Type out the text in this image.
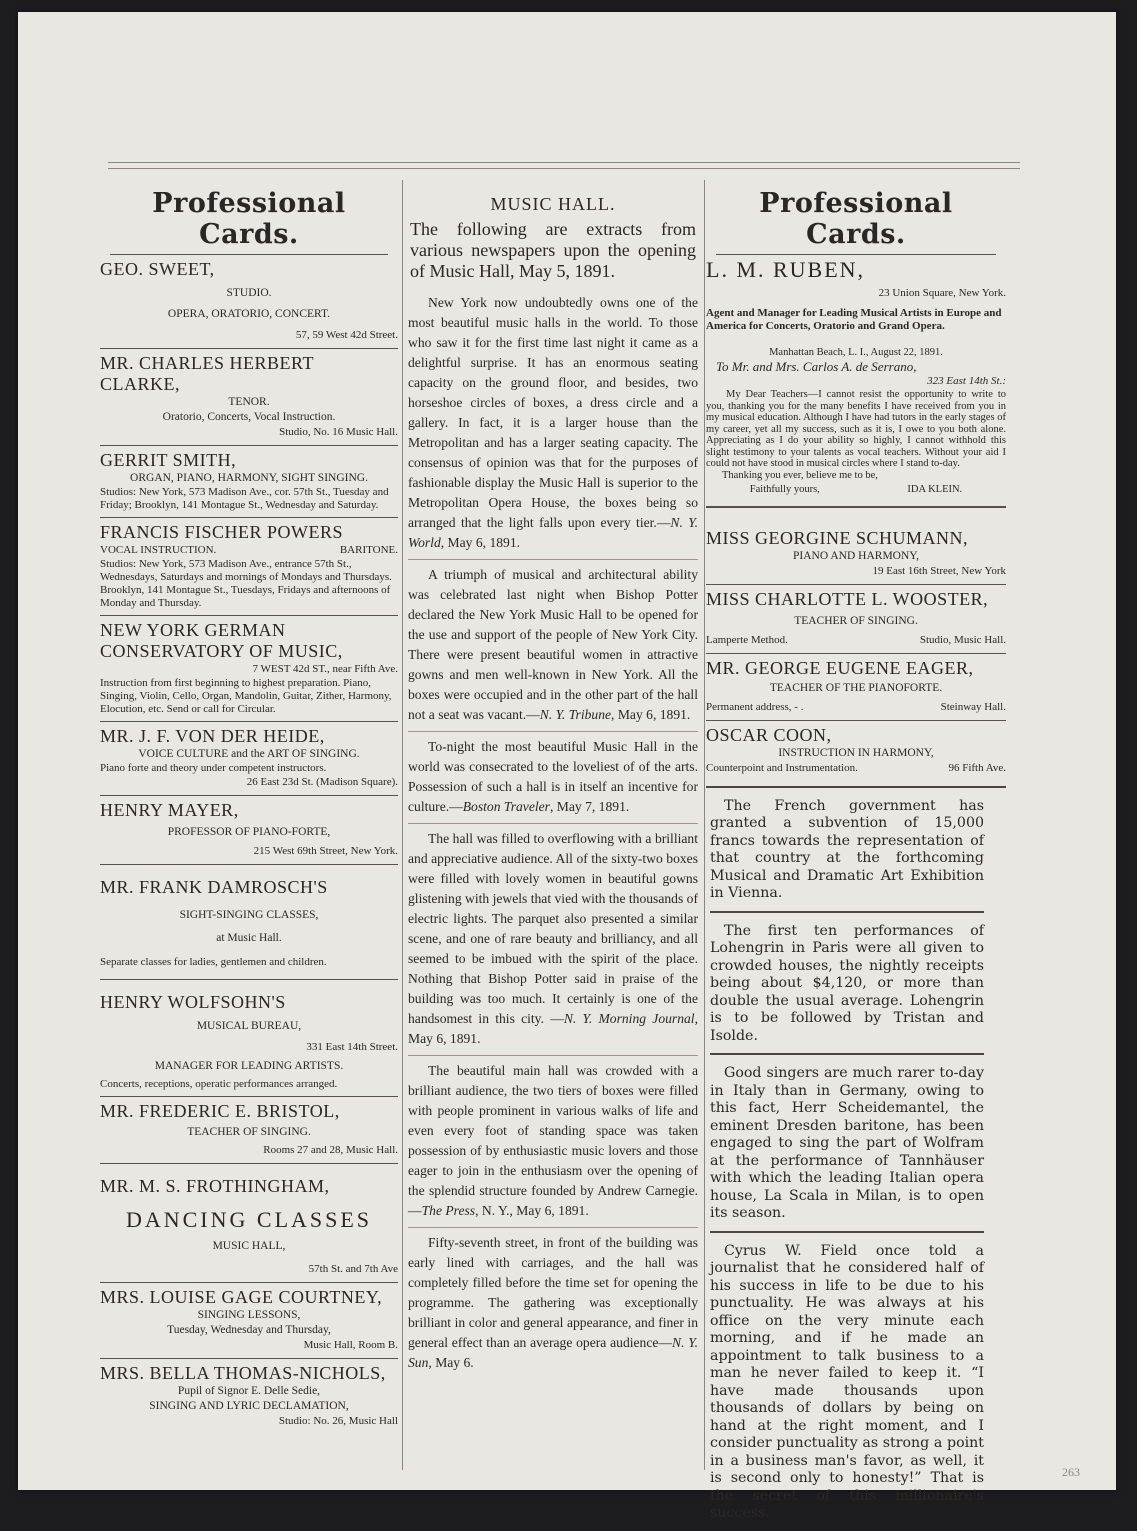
Professional Cards.
GEO. SWEET,
STUDIO.
OPERA, ORATORIO, CONCERT.
57, 59 West 42d Street.
MR. CHARLES HERBERT CLARKE,
TENOR.
Oratorio, Concerts, Vocal Instruction.
Studio, No. 16 Music Hall.
GERRIT SMITH,
ORGAN, PIANO, HARMONY, SIGHT SINGING.
Studios: New York, 573 Madison Ave., cor. 57th St., Tuesday and Friday; Brooklyn, 141 Montague St., Wednesday and Saturday.
FRANCIS FISCHER POWERS
VOCAL INSTRUCTION.	BARITONE.
Studios: New York, 573 Madison Ave., entrance 57th St., Wednesdays, Saturdays and mornings of Mondays and Thursdays. Brooklyn, 141 Montague St., Tuesdays, Fridays and afternoons of Monday and Thursday.
NEW YORK GERMAN CONSERVATORY OF MUSIC,
7 WEST 42d ST., near Fifth Ave.
Instruction from first beginning to highest preparation. Piano, Singing, Violin, Cello, Organ, Mandolin, Guitar, Zither, Harmony, Elocution, etc. Send or call for Circular.
MR. J. F. VON DER HEIDE,
VOICE CULTURE and the ART OF SINGING.
Piano forte and theory under competent instructors.
26 East 23d St. (Madison Square).
HENRY MAYER,
PROFESSOR OF PIANO-FORTE,
215 West 69th Street, New York.
MR. FRANK DAMROSCH'S
SIGHT-SINGING CLASSES,
at Music Hall.
Separate classes for ladies, gentlemen and children.
HENRY WOLFSOHN'S
MUSICAL BUREAU,
331 East 14th Street.
MANAGER FOR LEADING ARTISTS.
Concerts, receptions, operatic performances arranged.
MR. FREDERIC E. BRISTOL,
TEACHER OF SINGING.
Rooms 27 and 28, Music Hall.
MR. M. S. FROTHINGHAM,
DANCING CLASSES
MUSIC HALL,
57th St. and 7th Ave
MRS. LOUISE GAGE COURTNEY,
SINGING LESSONS,
Tuesday, Wednesday and Thursday,
Music Hall, Room B.
MRS. BELLA THOMAS-NICHOLS,
Pupil of Signor E. Delle Sedie,
SINGING AND LYRIC DECLAMATION,
Studio: No. 26, Music Hall
MUSIC HALL.
The following are extracts from various newspapers upon the opening of Music Hall, May 5, 1891.
New York now undoubtedly owns one of the most beautiful music halls in the world. To those who saw it for the first time last night it came as a delightful surprise. It has an enormous seating capacity on the ground floor, and besides, two horseshoe circles of boxes, a dress circle and a gallery. In fact, it is a larger house than the Metropolitan and has a larger seating capacity. The consensus of opinion was that for the purposes of fashionable display the Music Hall is superior to the Metropolitan Opera House, the boxes being so arranged that the light falls upon every tier.—N. Y. World, May 6, 1891.
A triumph of musical and architectural ability was celebrated last night when Bishop Potter declared the New York Music Hall to be opened for the use and support of the people of New York City. There were present beautiful women in attractive gowns and men well-known in New York. All the boxes were occupied and in the other part of the hall not a seat was vacant.—N. Y. Tribune, May 6, 1891.
To-night the most beautiful Music Hall in the world was consecrated to the loveliest of of the arts. Possession of such a hall is in itself an incentive for culture.—Boston Traveler, May 7, 1891.
The hall was filled to overflowing with a brilliant and appreciative audience. All of the sixty-two boxes were filled with lovely women in beautiful gowns glistening with jewels that vied with the thousands of electric lights. The parquet also presented a similar scene, and one of rare beauty and brilliancy, and all seemed to be imbued with the spirit of the place. Nothing that Bishop Potter said in praise of the building was too much. It certainly is one of the handsomest in this city. —N. Y. Morning Journal, May 6, 1891.
The beautiful main hall was crowded with a brilliant audience, the two tiers of boxes were filled with people prominent in various walks of life and even every foot of standing space was taken possession of by enthusiastic music lovers and those eager to join in the enthusiasm over the opening of the splendid structure founded by Andrew Carnegie.—The Press, N. Y., May 6, 1891.
Fifty-seventh street, in front of the building was early lined with carriages, and the hall was completely filled before the time set for opening the programme. The gathering was exceptionally brilliant in color and general appearance, and finer in general effect than an average opera audience—N. Y. Sun, May 6.
Professional Cards.
L. M. RUBEN,
23 Union Square, New York.
Agent and Manager for Leading Musical Artists in Europe and America for Concerts, Oratorio and Grand Opera.
Manhattan Beach, L. I., August 22, 1891.
To Mr. and Mrs. Carlos A. de Serrano,
323 East 14th St.:
My Dear Teachers—I cannot resist the opportunity to write to you, thanking you for the many benefits I have received from you in my musical education. Although I have had tutors in the early stages of my career, yet all my success, such as it is, I owe to you both alone. Appreciating as I do your ability so highly, I cannot withhold this slight testimony to your talents as vocal teachers. Without your aid I could not have stood in musical circles where I stand to-day.
Thanking you ever, believe me to be,
Faithfully yours,	IDA KLEIN.
MISS GEORGINE SCHUMANN,
PIANO AND HARMONY,
19 East 16th Street, New York
MISS CHARLOTTE L. WOOSTER,
TEACHER OF SINGING.
Lamperte Method.	Studio, Music Hall.
MR. GEORGE EUGENE EAGER,
TEACHER OF THE PIANOFORTE.
Permanent address, - .	Steinway Hall.
OSCAR COON,
INSTRUCTION IN HARMONY,
Counterpoint and Instrumentation.	96 Fifth Ave.
The French government has granted a subvention of 15,000 francs towards the representation of that country at the forthcoming Musical and Dramatic Art Exhibition in Vienna.
The first ten performances of Lohengrin in Paris were all given to crowded houses, the nightly receipts being about $4,120, or more than double the usual average. Lohengrin is to be followed by Tristan and Isolde.
Good singers are much rarer to-day in Italy than in Germany, owing to this fact, Herr Scheidemantel, the eminent Dresden baritone, has been engaged to sing the part of Wolfram at the performance of Tannhäuser with which the leading Italian opera house, La Scala in Milan, is to open its season.
Cyrus W. Field once told a journalist that he considered half of his success in life to be due to his punctuality. He was always at his office on the very minute each morning, and if he made an appointment to talk business to a man he never failed to keep it. “I have made thousands upon thousands of dollars by being on hand at the right moment, and I consider punctuality as strong a point in a business man's favor, as well, it is second only to honesty!” That is the secret of this millionaire's success.
263
